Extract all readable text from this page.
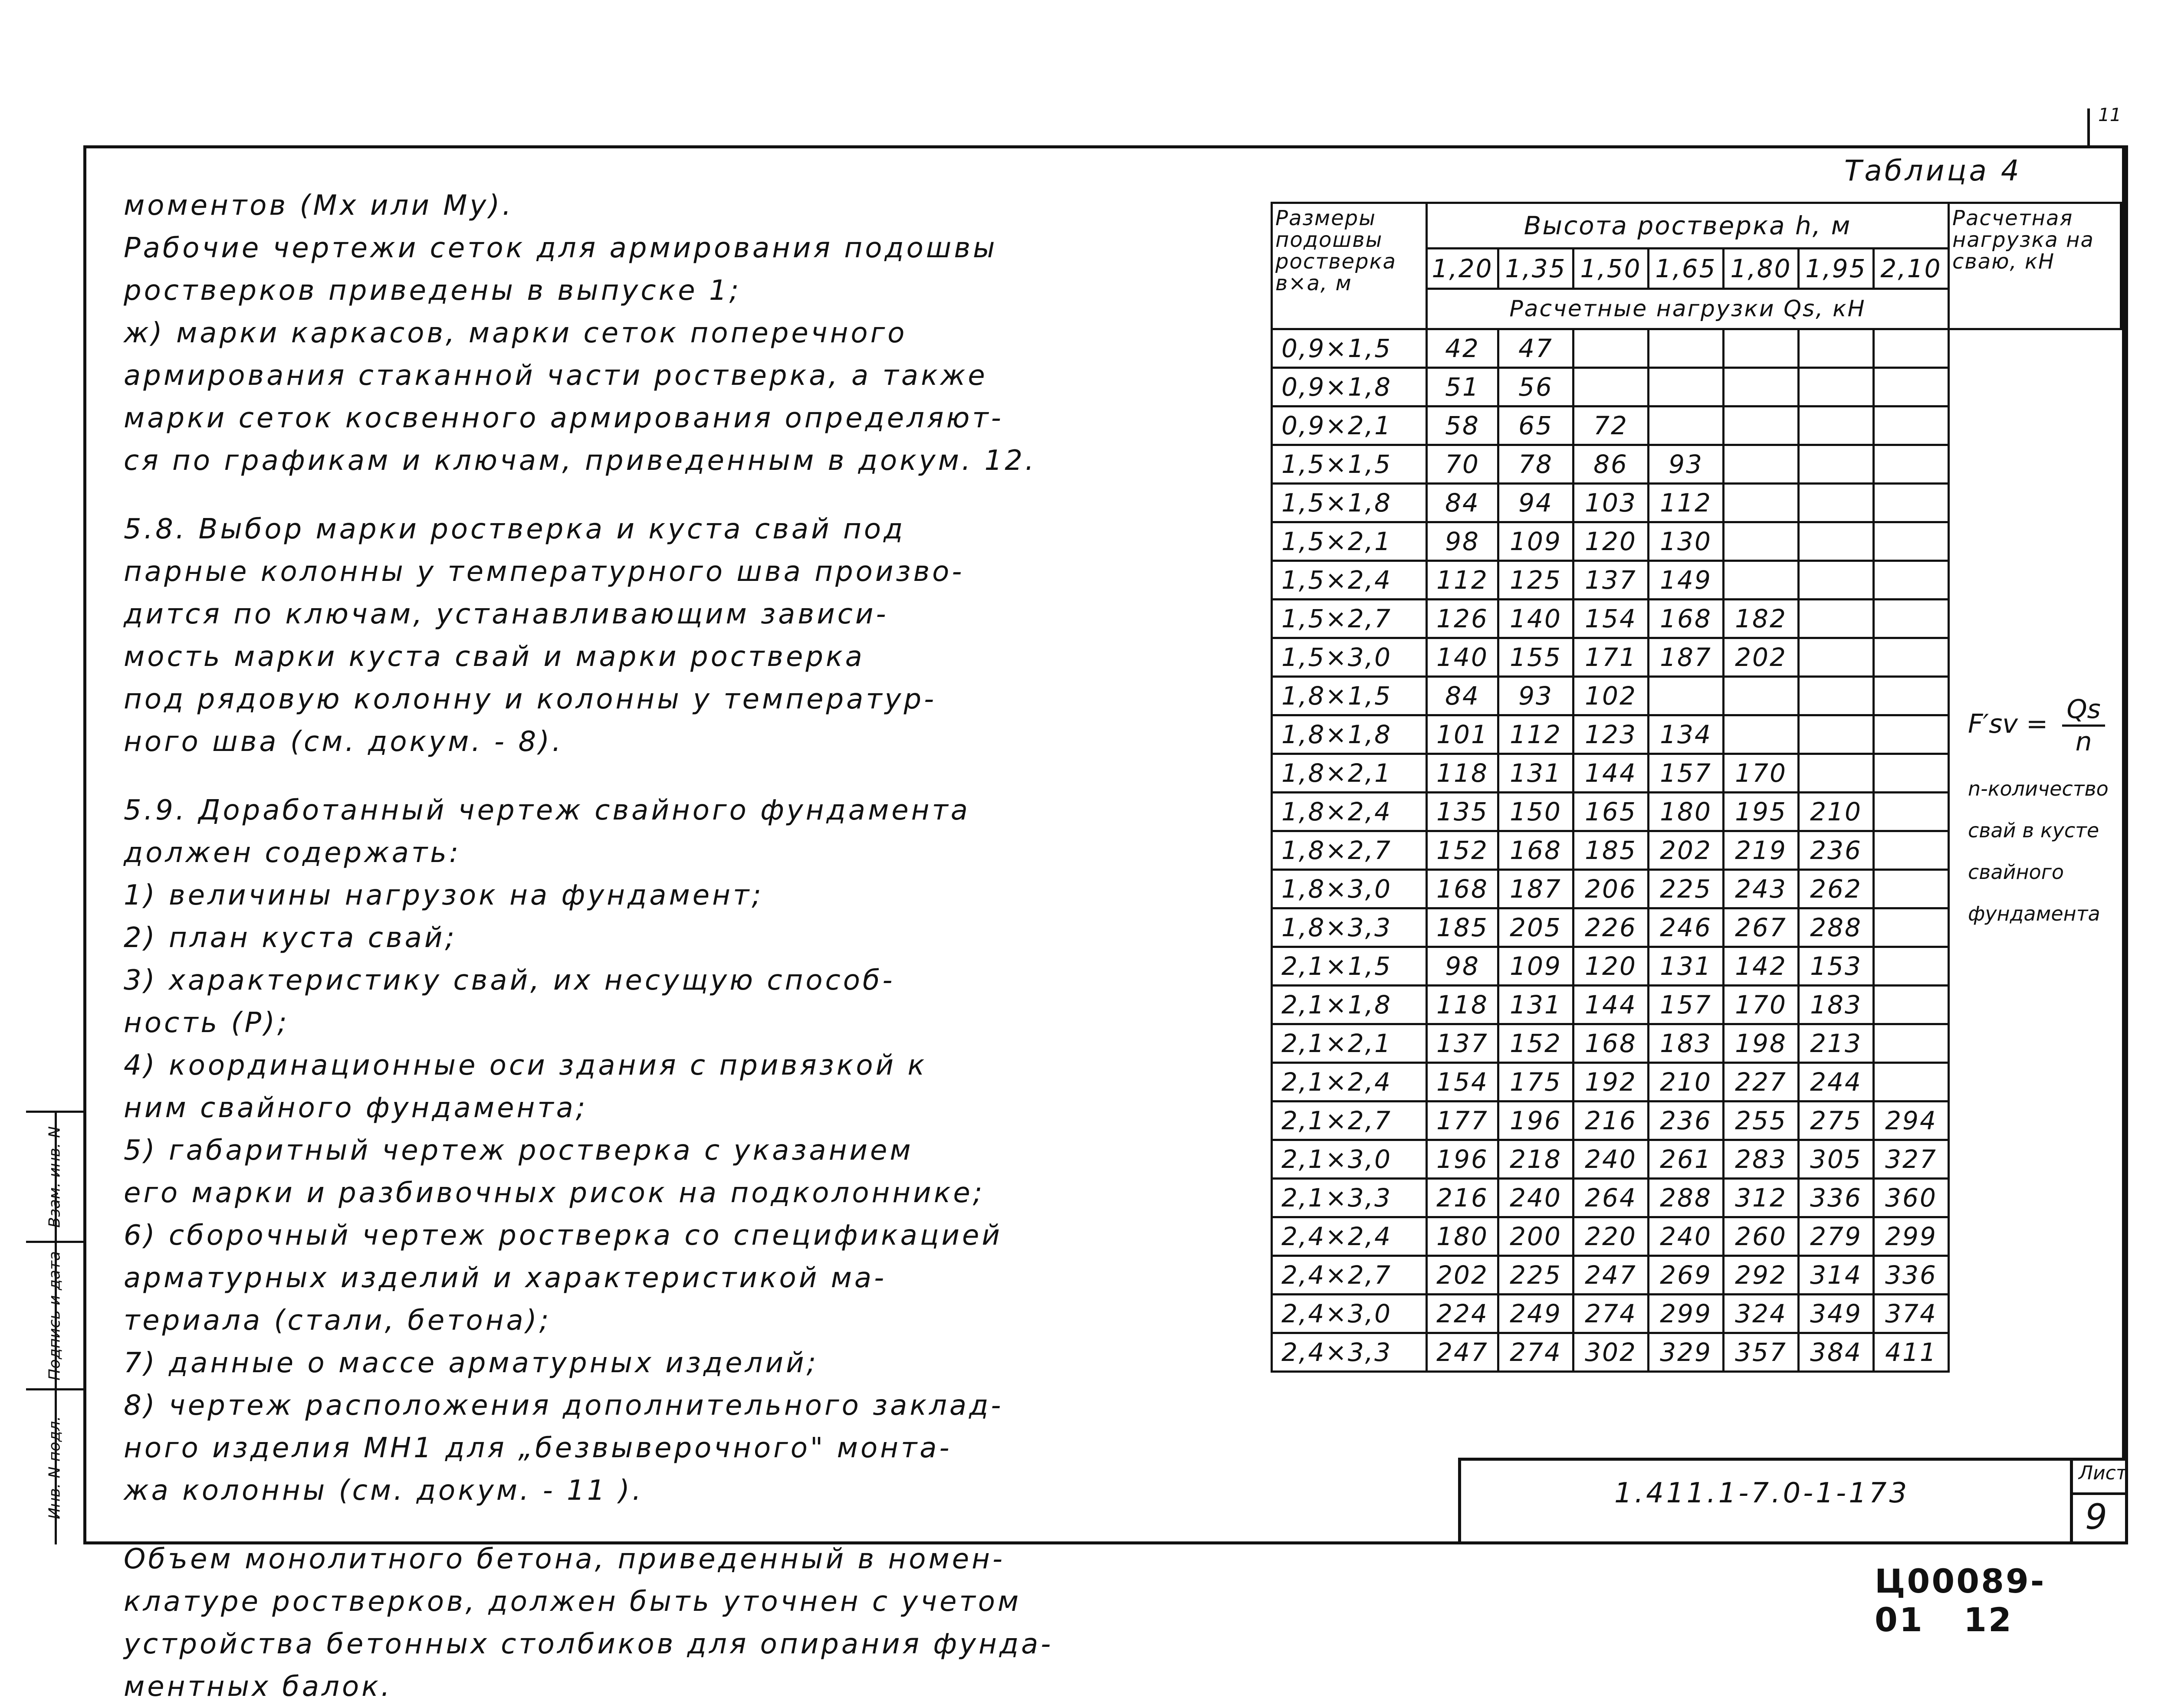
11
Инв. N подл.
Подпись и дата
Взам. инв. N

моментов (Мх или Му).

Рабочие чертежи сеток для армирования подошвы

ростверков приведены в выпуске 1;

ж) марки каркасов, марки сеток поперечного

армирования стаканной части ростверка, а также

марки сеток косвенного армирования определяют-

ся по графикам и ключам, приведенным в докум. 12.

5.8. Выбор марки ростверка и куста свай под

парные колонны у температурного шва произво-

дится по ключам, устанавливающим зависи-

мость марки куста свай и марки ростверка

под рядовую колонну и колонны у температур-

ного шва (см. докум. - 8).

5.9. Доработанный чертеж свайного фундамента

должен содержать:

1) величины нагрузок на фундамент;

2) план куста свай;

3) характеристику свай, их несущую способ-

ность (Р);

4) координационные оси здания с привязкой к

ним свайного фундамента;

5) габаритный чертеж ростверка с указанием

его марки и разбивочных рисок на подколоннике;

6) сборочный чертеж ростверка со спецификацией

арматурных изделий и характеристикой ма-

териала (стали, бетона);

7) данные о массе арматурных изделий;

8) чертеж расположения дополнительного заклад-

ного изделия МН1 для „безвыверочного" монта-

жа колонны (см. докум. - 11 ).

Объем монолитного бетона, приведенный в номен-

клатуре ростверков, должен быть уточнен с учетом

устройства бетонных столбиков для опирания фунда-

ментных балок.

Таблица 4
Размеры подошвы ростверка в×а, м	Высота ростверка h, м							Расчетная нагрузка на сваю, кН
	1,20	1,35	1,50	1,65	1,80	1,95	2,10	
	Расчетные нагрузки Qs, кН							
0,9×1,5	42	47						
0,9×1,8	51	56						
0,9×2,1	58	65	72					
1,5×1,5	70	78	86	93				
1,5×1,8	84	94	103	112				
1,5×2,1	98	109	120	130				
1,5×2,4	112	125	137	149				
1,5×2,7	126	140	154	168	182			
1,5×3,0	140	155	171	187	202			
1,8×1,5	84	93	102					
1,8×1,8	101	112	123	134				
1,8×2,1	118	131	144	157	170			
1,8×2,4	135	150	165	180	195	210		
1,8×2,7	152	168	185	202	219	236		
1,8×3,0	168	187	206	225	243	262		
1,8×3,3	185	205	226	246	267	288		
2,1×1,5	98	109	120	131	142	153		
2,1×1,8	118	131	144	157	170	183		
2,1×2,1	137	152	168	183	198	213		
2,1×2,4	154	175	192	210	227	244		
2,1×2,7	177	196	216	236	255	275	294	
2,1×3,0	196	218	240	261	283	305	327	
2,1×3,3	216	240	264	288	312	336	360	
2,4×2,4	180	200	220	240	260	279	299	
2,4×2,7	202	225	247	269	292	314	336	
2,4×3,0	224	249	274	299	324	349	374	
2,4×3,3	247	274	302	329	357	384	411	
$F'sv = \frac{Qs}{n}$
n-количество
свай в кусте
свайного
фундамента
1.411.1-7.0-1-173
Лист
9
Ц00089-01 12
